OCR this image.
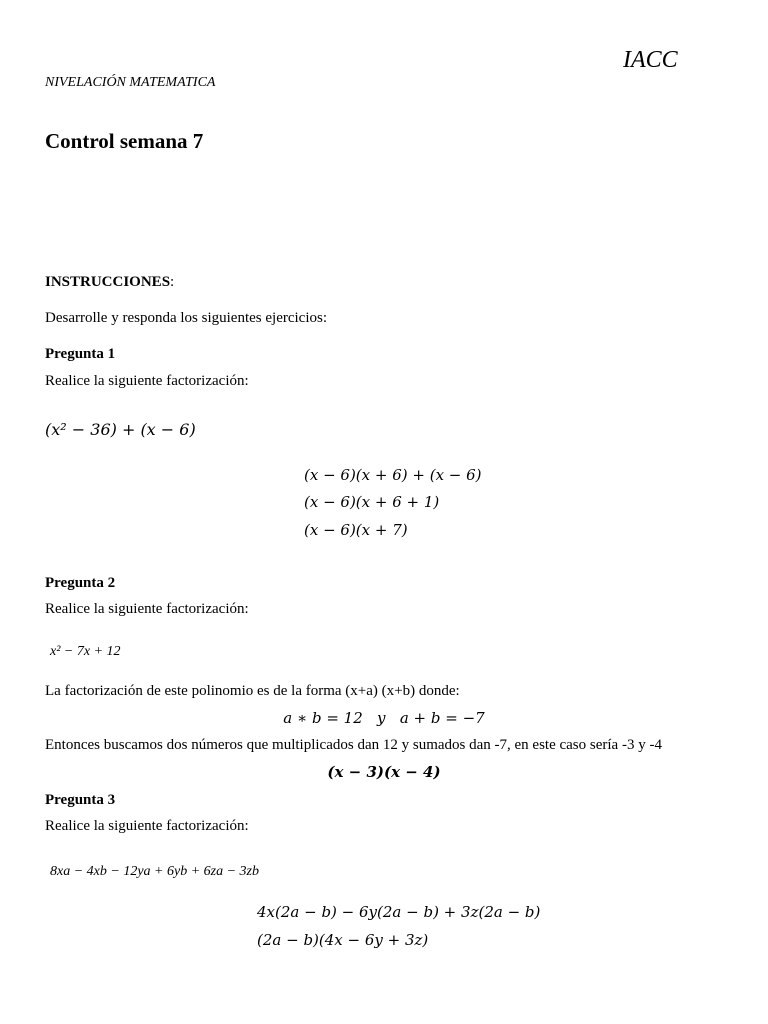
IACC
NIVELACIÓN MATEMATICA
Control semana 7
INSTRUCCIONES:
Desarrolle y responda los siguientes ejercicios:
Pregunta 1
Realice la siguiente factorización:
(x² − 36) + (x − 6)
(x − 6)(x + 6) + (x − 6)
(x − 6)(x + 6 + 1)
(x − 6)(x + 7)
Pregunta 2
Realice la siguiente factorización:
x² − 7x + 12
La factorización de este polinomio es de la forma (x+a) (x+b) donde:
a ∗ b = 12   y   a + b = −7
Entonces buscamos dos números que multiplicados dan 12 y sumados dan -7, en este caso sería -3 y -4
(x − 3)(x − 4)
Pregunta 3
Realice la siguiente factorización:
8xa − 4xb − 12ya + 6yb + 6za − 3zb
4x(2a − b) − 6y(2a − b) + 3z(2a − b)
(2a − b)(4x − 6y + 3z)
